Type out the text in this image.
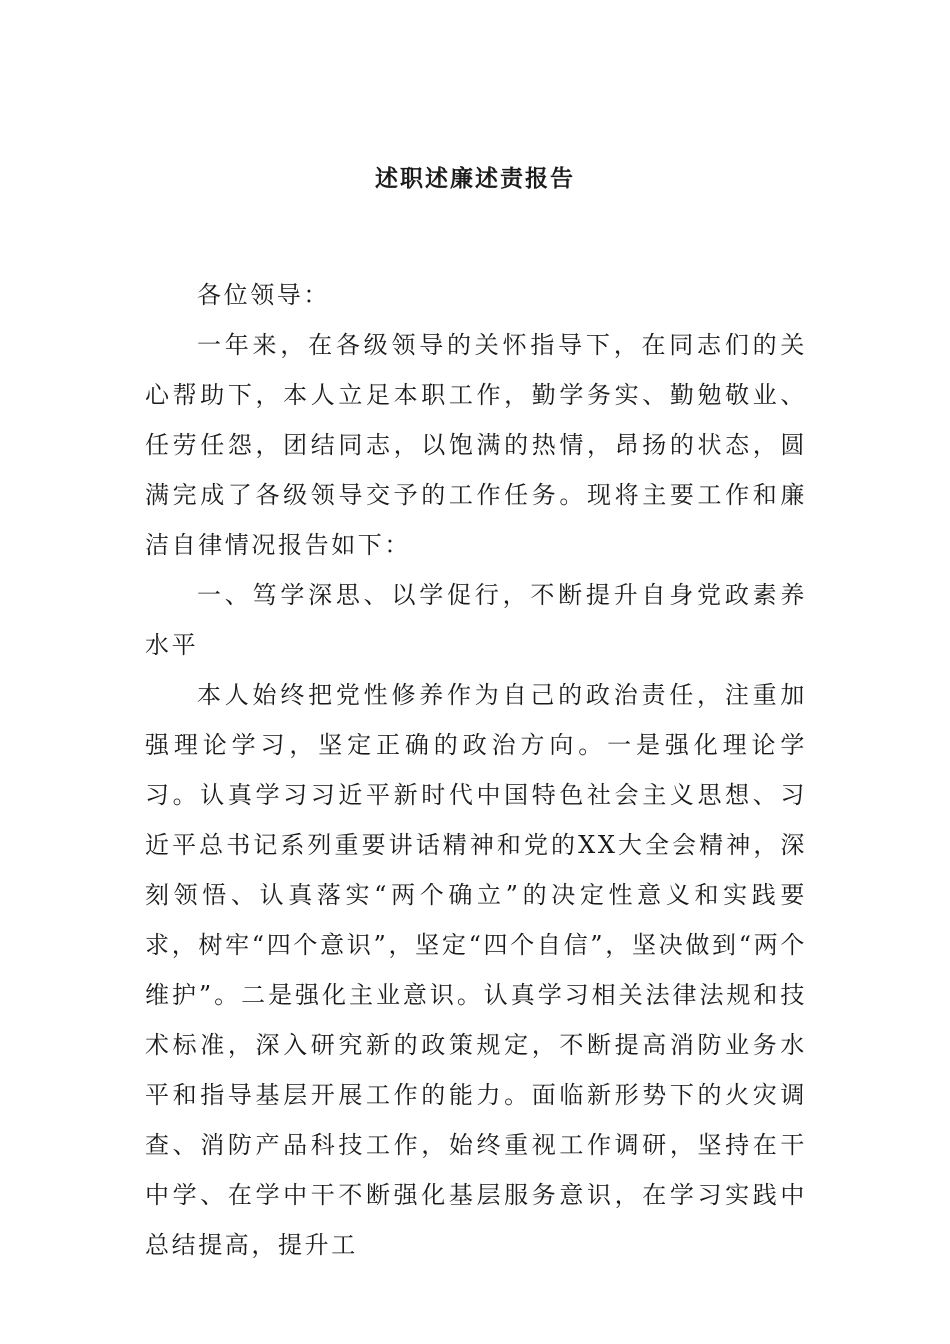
述职述廉述责报告

各位领导：

一年来，在各级领导的关怀指导下，在同志们的关心帮助下，本人立足本职工作，勤学务实、勤勉敬业、任劳任怨，团结同志，以饱满的热情，昂扬的状态，圆满完成了各级领导交予的工作任务。现将主要工作和廉洁自律情况报告如下：

一、笃学深思、以学促行，不断提升自身党政素养水平

本人始终把党性修养作为自己的政治责任，注重加强理论学习，坚定正确的政治方向。一是强化理论学习。认真学习习近平新时代中国特色社会主义思想、习近平总书记系列重要讲话精神和党的XX大全会精神，深刻领悟、认真落实“两个确立”的决定性意义和实践要求，树牢“四个意识”，坚定“四个自信”，坚决做到“两个维护”。二是强化主业意识。认真学习相关法律法规和技术标准，深入研究新的政策规定，不断提高消防业务水平和指导基层开展工作的能力。面临新形势下的火灾调查、消防产品科技工作，始终重视工作调研，坚持在干中学、在学中干不断强化基层服务意识，在学习实践中总结提高，提升工
